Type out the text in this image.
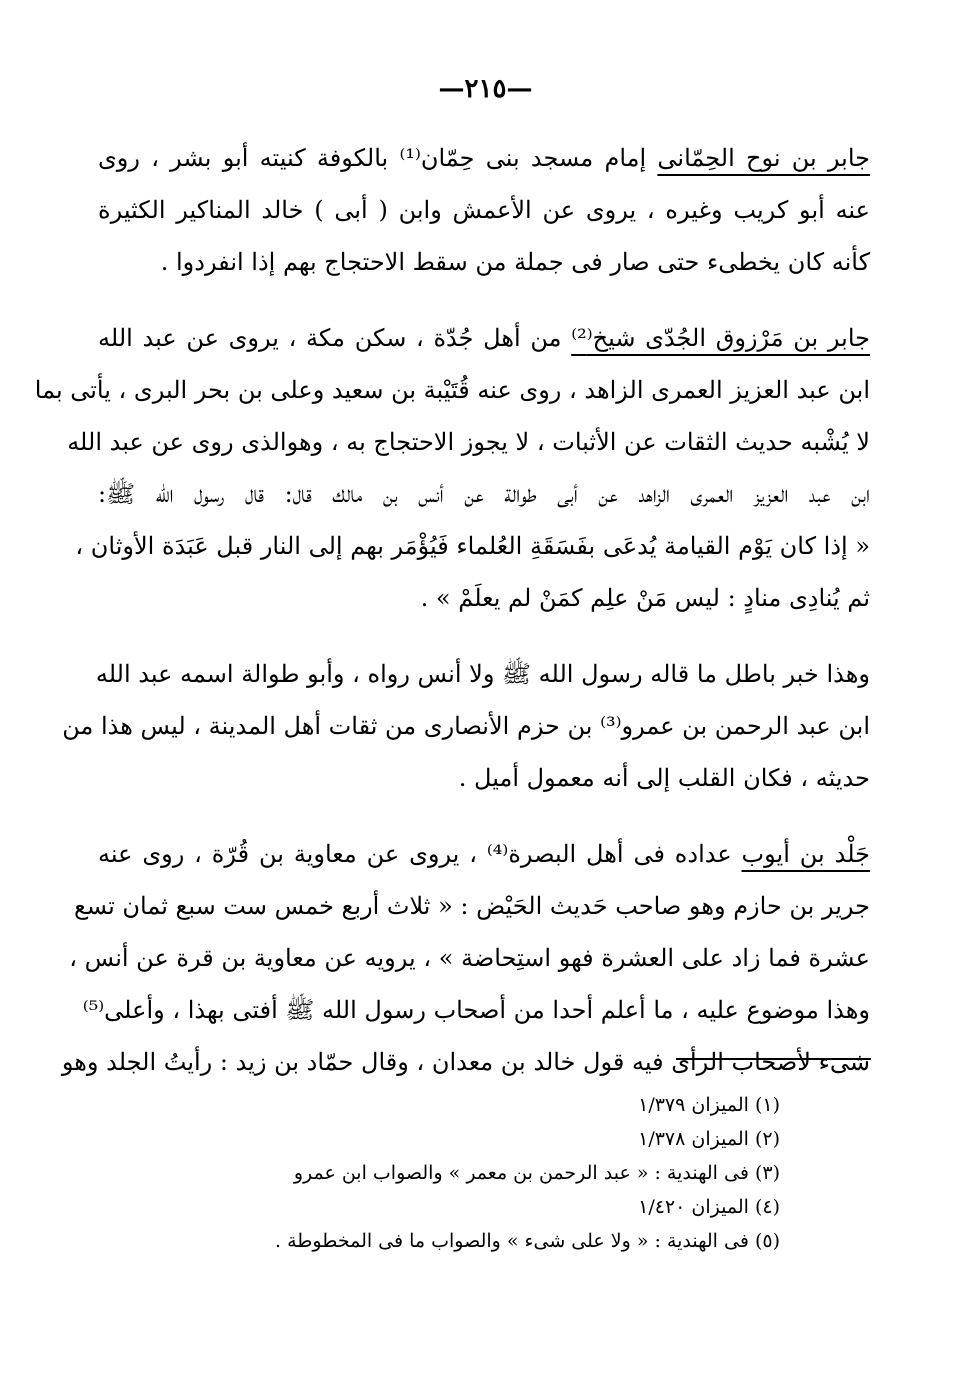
—٢١٥—
جابر بن نوح الحِمّانى إمام مسجد بنى حِمّان⁽¹⁾ بالكوفة كنيته أبو بشر ، روى
عنه أبو كريب وغيره ، يروى عن الأعمش وابن ( أبى ) خالد المناكير الكثيرة
كأنه كان يخطىء حتى صار فى جملة من سقط الاحتجاج بهم إذا انفردوا .
جابر بن مَرْزوق الجُدّى شيخ⁽²⁾ من أهل جُدّة ، سكن مكة ، يروى عن عبد الله
ابن عبد العزيز العمرى الزاهد ، روى عنه قُتَيْبة بن سعيد وعلى بن بحر البرى ، يأتى بما
لا يُشْبه حديث الثقات عن الأثبات ، لا يجوز الاحتجاج به ، وهوالذى روى عن عبد الله
ابن عبد العزيز العمرى الزاهد عن أبى طوالة عن أنس بن مالك قال: قال رسول الله ﷺ:
« إذا كان يَوْم القيامة يُدعَى بفَسَقَةِ العُلماء فَيُؤْمَر بهم إلى النار قبل عَبَدَة الأوثان ،
ثم يُنادِى منادٍ : ليس مَنْ علِم كمَنْ لم يعلَمْ » .
وهذا خبر باطل ما قاله رسول الله ﷺ ولا أنس رواه ، وأبو طوالة اسمه عبد الله
ابن عبد الرحمن بن عمرو⁽³⁾ بن حزم الأنصارى من ثقات أهل المدينة ، ليس هذا من
حديثه ، فكان القلب إلى أنه معمول أميل .
جَلْد بن أيوب عداده فى أهل البصرة⁽⁴⁾ ، يروى عن معاوية بن قُرّة ، روى عنه
جرير بن حازم وهو صاحب حَديث الحَيْض : « ثلاث أربع خمس ست سبع ثمان تسع
عشرة فما زاد على العشرة فهو استِحاضة » ، يرويه عن معاوية بن قرة عن أنس ،
وهذا موضوع عليه ، ما أعلم أحدا من أصحاب رسول الله ﷺ أفتى بهذا ، وأعلى⁽⁵⁾
شىء لأصحاب الرأى فيه قول خالد بن معدان ، وقال حمّاد بن زيد : رأيتُ الجلد وهو
(١) الميزان ١/٣٧٩
(٢) الميزان ١/٣٧٨
(٣) فى الهندية : « عبد الرحمن بن معمر » والصواب ابن عمرو
(٤) الميزان ١/٤٢٠
(٥) فى الهندية : « ولا على شىء » والصواب ما فى المخطوطة .
